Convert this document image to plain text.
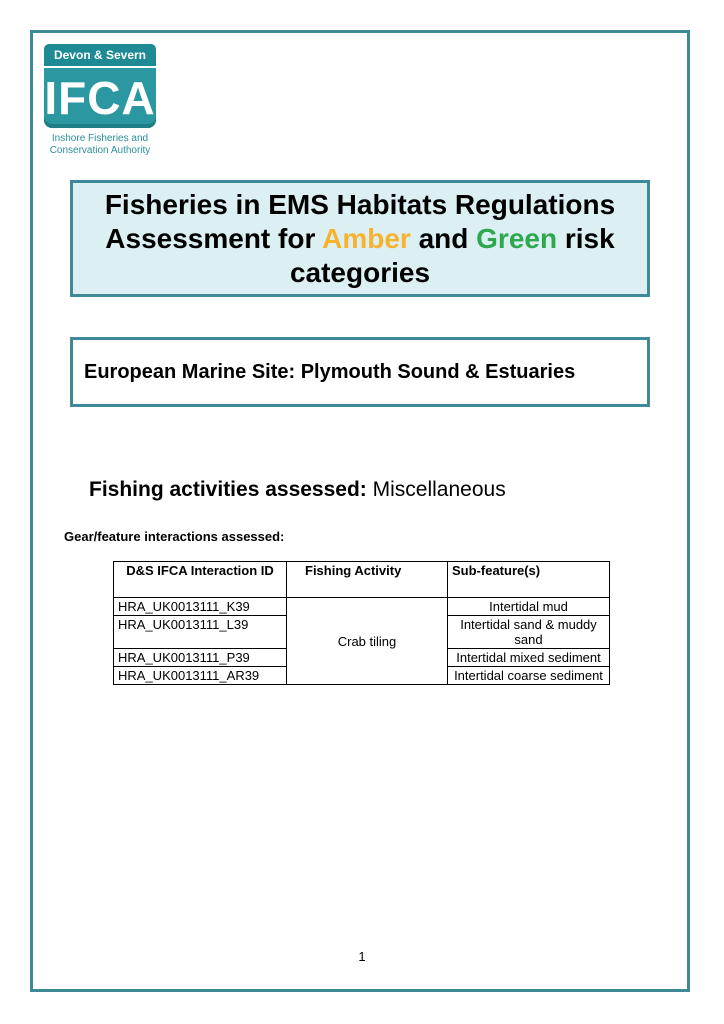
Devon & Severn
IFCA
Inshore Fisheries and
Conservation Authority
Fisheries in EMS Habitats Regulations
Assessment for Amber and Green risk
categories
European Marine Site: Plymouth Sound & Estuaries
Fishing activities assessed: Miscellaneous
Gear/feature interactions assessed:
D&S IFCA Interaction ID	Fishing Activity	Sub-feature(s)
HRA_UK0013111_K39	Crab tiling	Intertidal mud
HRA_UK0013111_L39		Intertidal sand & muddy sand
HRA_UK0013111_P39		Intertidal mixed sediment
HRA_UK0013111_AR39		Intertidal coarse sediment
1
